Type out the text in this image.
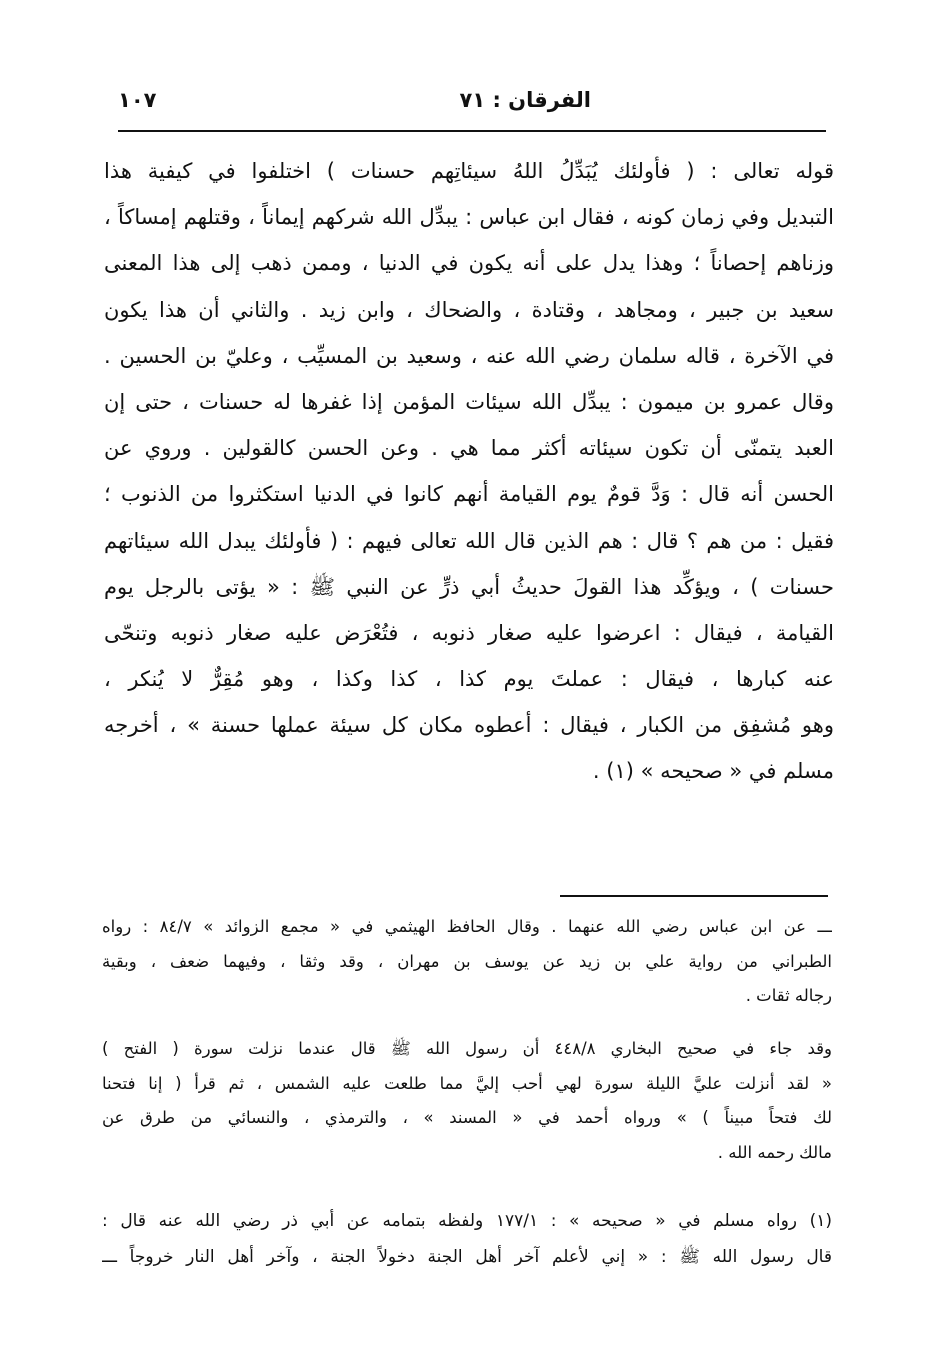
الفرقان : ٧١
١٠٧
قوله تعالى : ( فأولئك يُبَدِّلُ اللهُ سيئاتِهم حسنات ) اختلفوا في كيفية هذا
التبديل وفي زمان كونه ، فقال ابن عباس : يبدِّل الله شركهم إيماناً ، وقتلهم إمساكاً ،
وزناهم إحصاناً ؛ وهذا يدل على أنه يكون في الدنيا ، وممن ذهب إلى هذا المعنى
سعيد بن جبير ، ومجاهد ، وقتادة ، والضحاك ، وابن زيد . والثاني أن هذا يكون
في الآخرة ، قاله سلمان رضي الله عنه ، وسعيد بن المسيِّب ، وعليّ بن الحسين .
وقال عمرو بن ميمون : يبدِّل الله سيئات المؤمن إذا غفرها له حسنات ، حتى إن
العبد يتمنّى أن تكون سيئاته أكثر مما هي . وعن الحسن كالقولين . وروي عن
الحسن أنه قال : وَدَّ قومٌ يوم القيامة أنهم كانوا في الدنيا استكثروا من الذنوب ؛
فقيل : من هم ؟ قال : هم الذين قال الله تعالى فيهم : ( فأولئك يبدل الله سيئاتهم
حسنات ) ، ويؤكِّد هذا القولَ حديثُ أبي ذرٍّ عن النبي ﷺ : « يؤتى بالرجل يوم
القيامة ، فيقال : اعرضوا عليه صغار ذنوبه ، فتُعْرَض عليه صغار ذنوبه وتنحّى
عنه كبارها ، فيقال : عملتَ يوم كذا ، كذا وكذا ، وهو مُقِرٌّ لا يُنكر ،
وهو مُشفِق من الكبار ، فيقال : أعطوه مكان كل سيئة عملها حسنة » ، أخرجه
مسلم في « صحيحه » (١) .
ـــ عن ابن عباس رضي الله عنهما . وقال الحافظ الهيثمي في « مجمع الزوائد » ٨٤/٧ : رواه
الطبراني من رواية علي بن زيد عن يوسف بن مهران ، وقد وثقا ، وفيهما ضعف ، وبقية
رجاله ثقات .
وقد جاء في صحيح البخاري ٤٤٨/٨ أن رسول الله ﷺ قال عندما نزلت سورة ( الفتح )
« لقد أنزلت عليَّ الليلة سورة لهي أحب إليَّ مما طلعت عليه الشمس ، ثم قرأ ( إنا فتحنا
لك فتحاً مبيناً ) » ورواه أحمد في « المسند » ، والترمذي ، والنسائي من طرق عن
مالك رحمه الله .
(١) رواه مسلم في « صحيحه » : ١٧٧/١ ولفظه بتمامه عن أبي ذر رضي الله عنه قال :
قال رسول الله ﷺ : « إني لأعلم آخر أهل الجنة دخولاً الجنة ، وآخر أهل النار خروجاً ـــ
